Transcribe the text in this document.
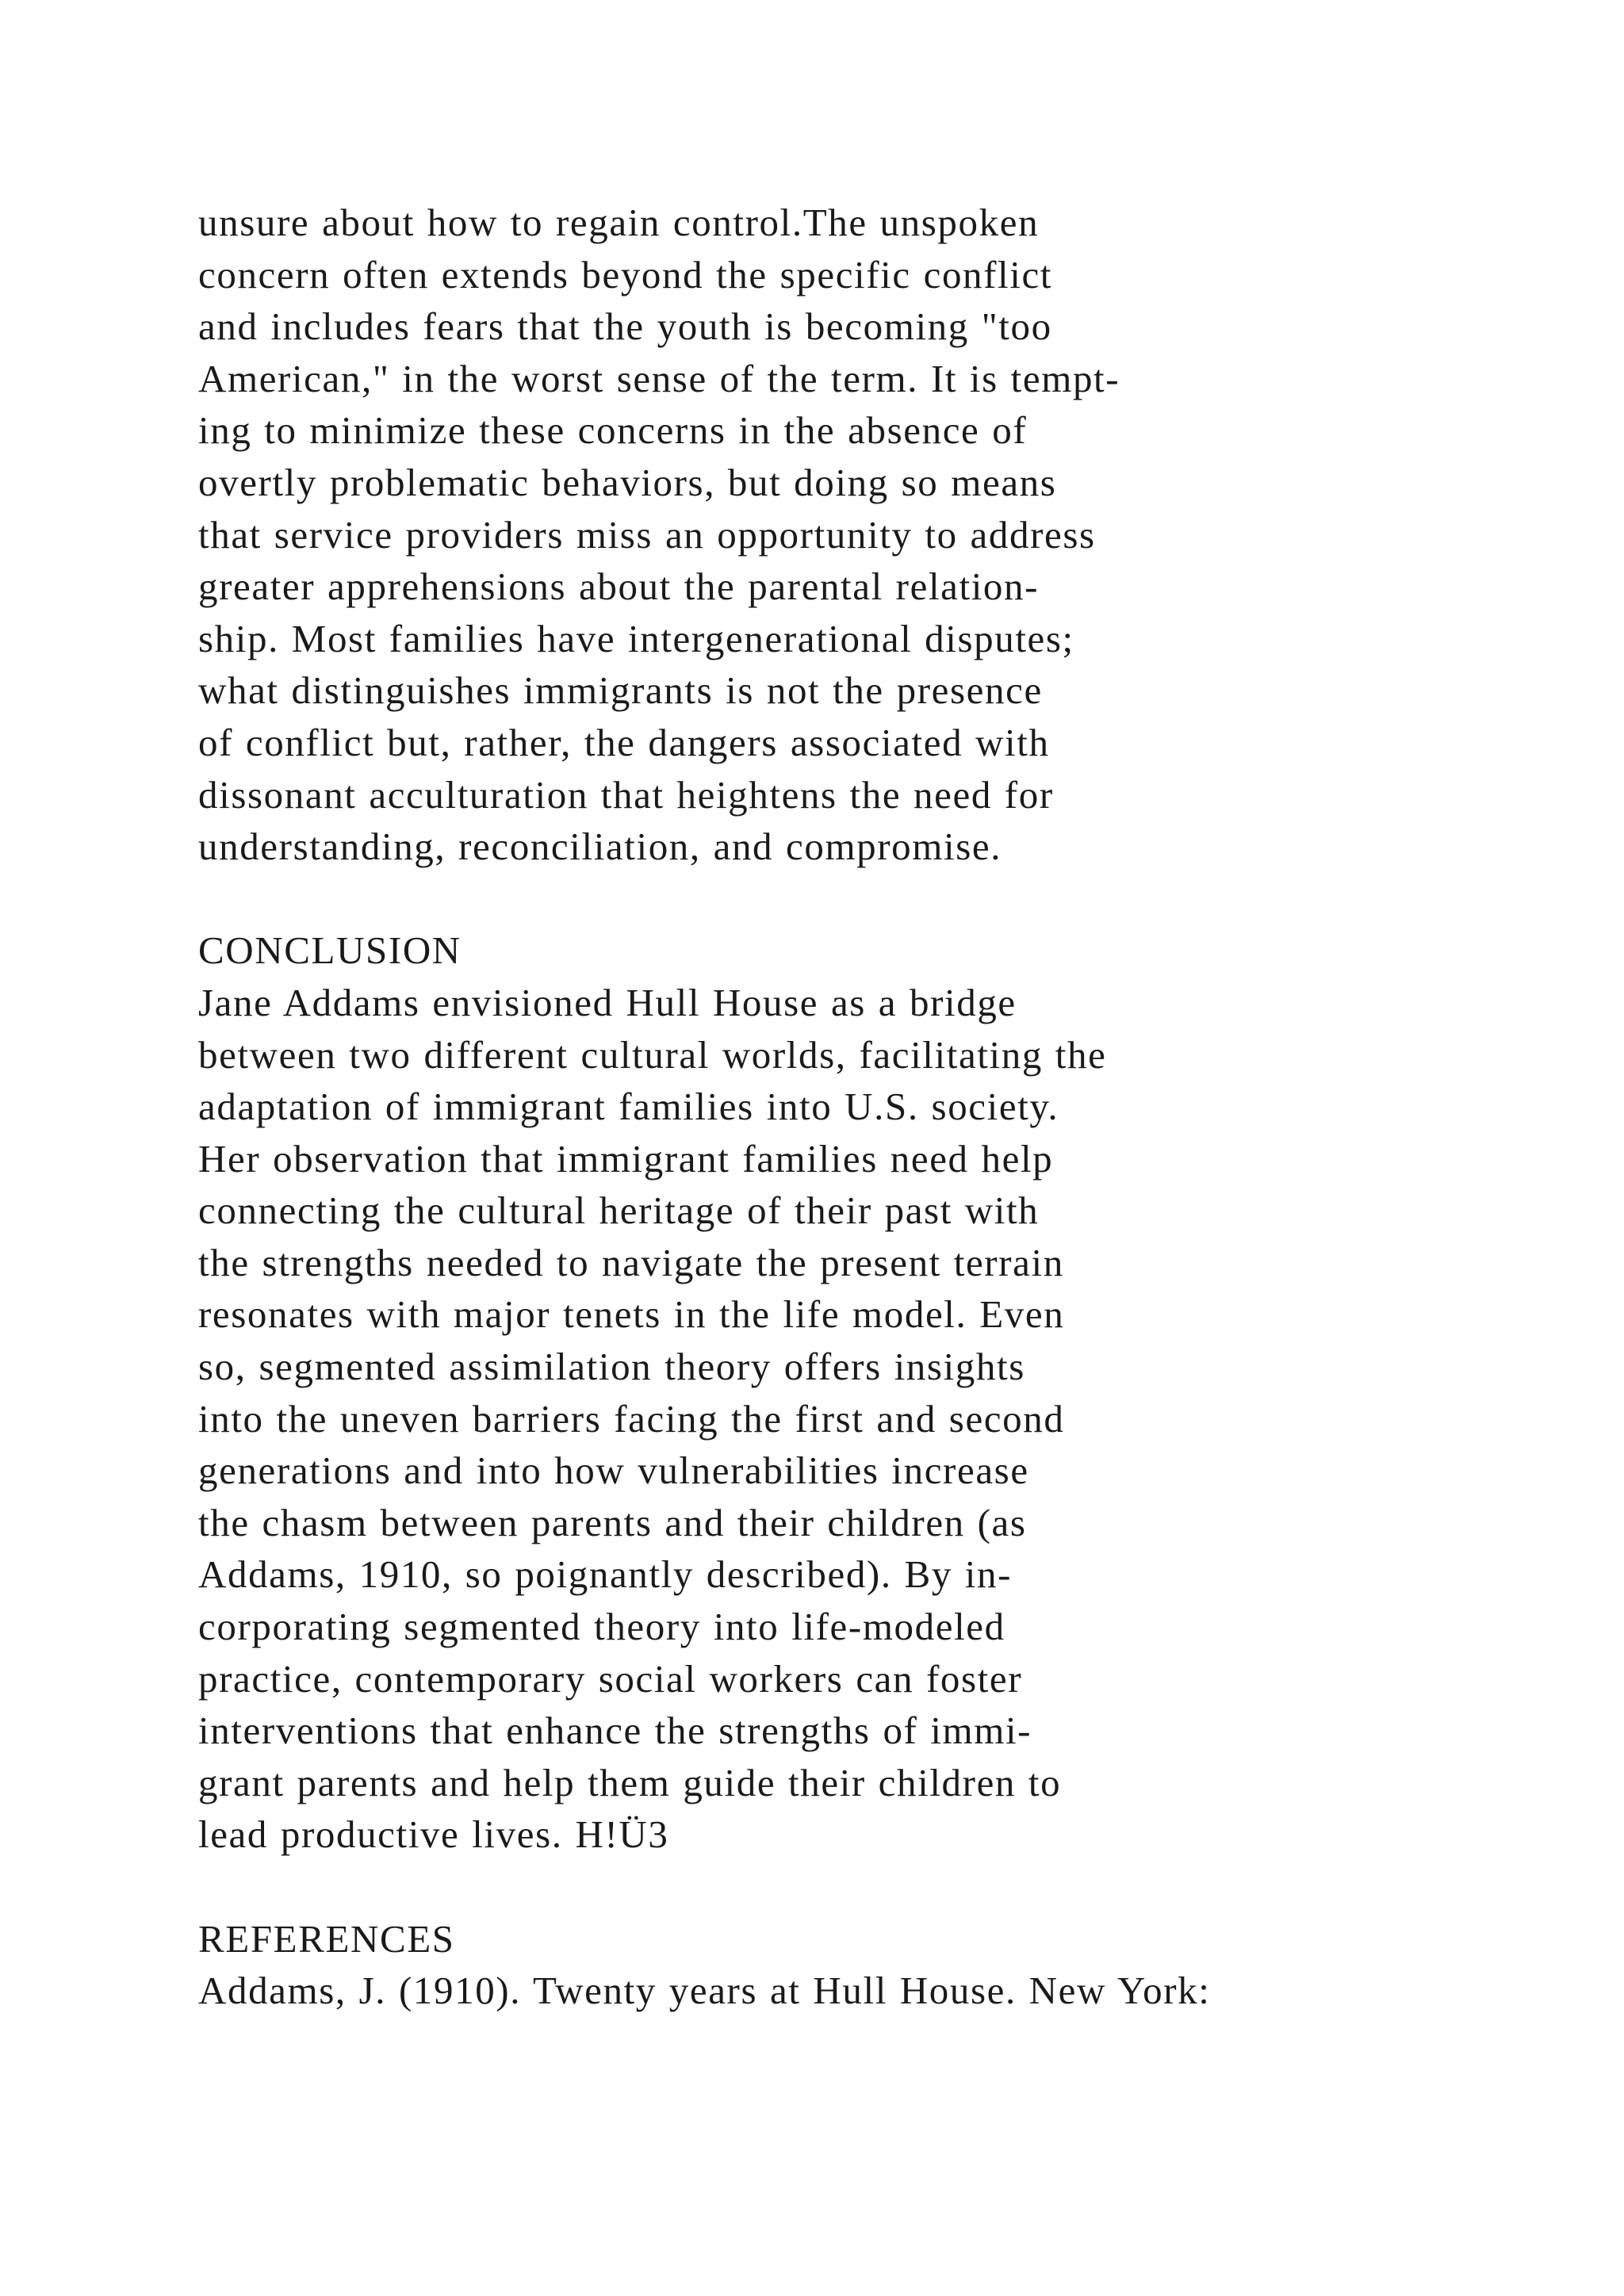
unsure about how to regain control.The unspoken
concern often extends beyond the specific conflict
and includes fears that the youth is becoming "too
American," in the worst sense of the term. It is tempt-
ing to minimize these concerns in the absence of
overtly problematic behaviors, but doing so means
that service providers miss an opportunity to address
greater apprehensions about the parental relation-
ship. Most families have intergenerational disputes;
what distinguishes immigrants is not the presence
of conflict but, rather, the dangers associated with
dissonant acculturation that heightens the need for
understanding, reconciliation, and compromise.
CONCLUSION
Jane Addams envisioned Hull House as a bridge
between two different cultural worlds, facilitating the
adaptation of immigrant families into U.S. society.
Her observation that immigrant families need help
connecting the cultural heritage of their past with
the strengths needed to navigate the present terrain
resonates with major tenets in the life model. Even
so, segmented assimilation theory offers insights
into the uneven barriers facing the first and second
generations and into how vulnerabilities increase
the chasm between parents and their children (as
Addams, 1910, so poignantly described). By in-
corporating segmented theory into life-modeled
practice, contemporary social workers can foster
interventions that enhance the strengths of immi-
grant parents and help them guide their children to
lead productive lives. H!Ü3
REFERENCES
Addams, J. (1910). Twenty years at Hull House. New York:
